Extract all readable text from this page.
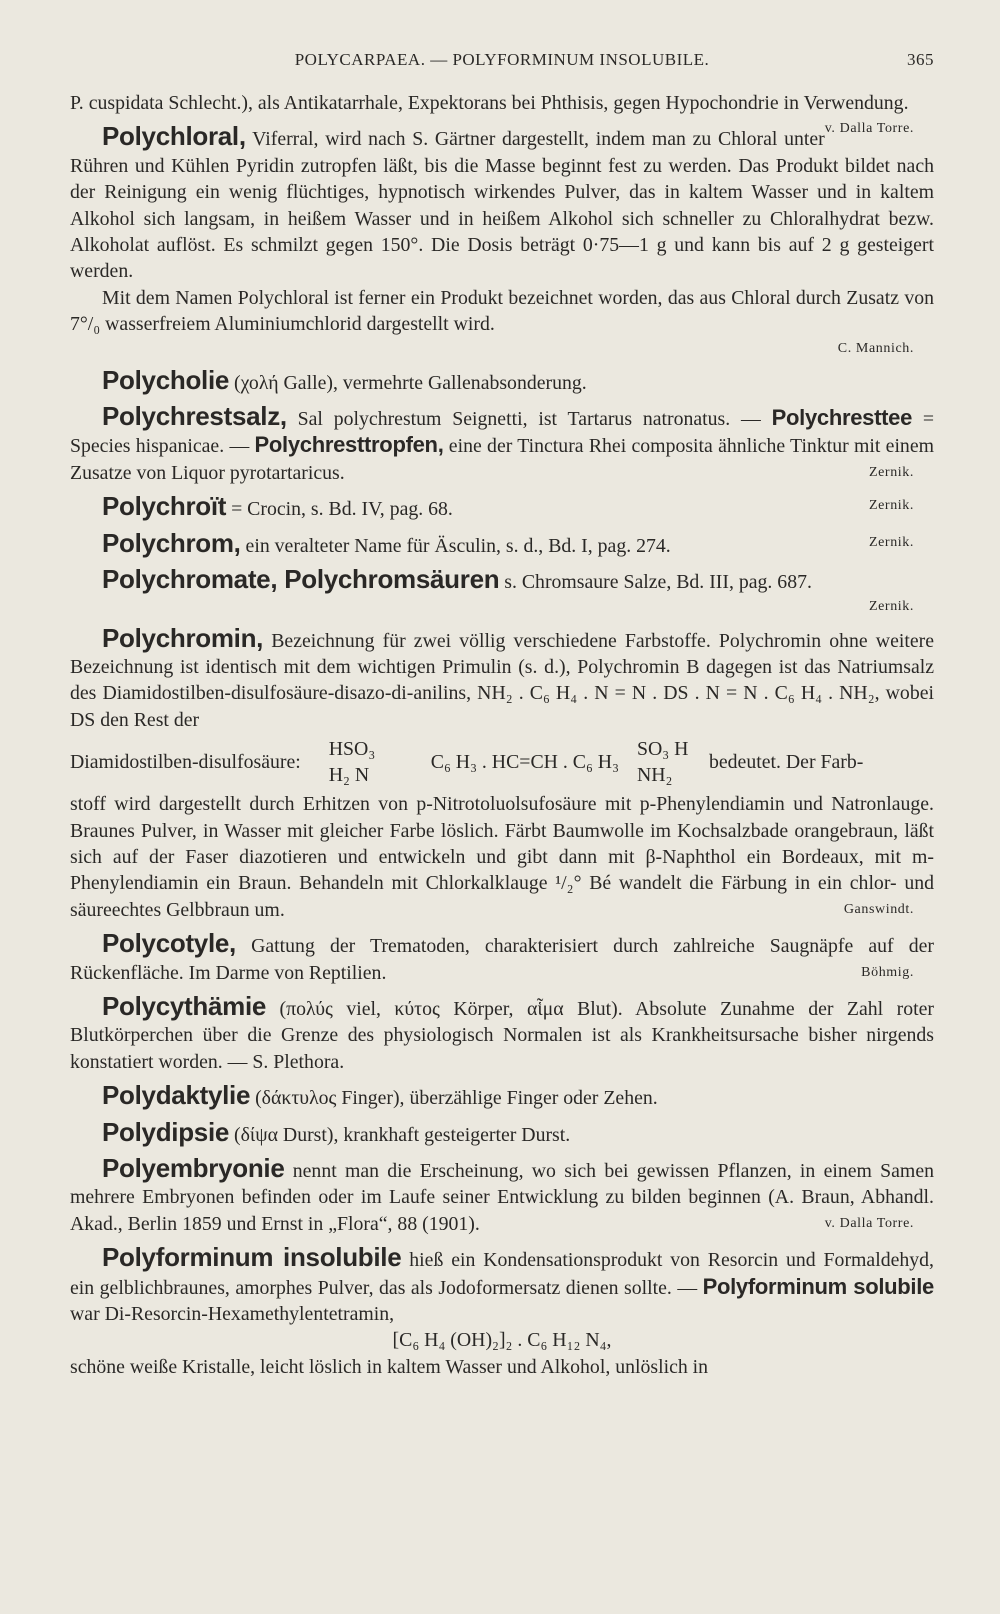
POLYCARPAEA. — POLYFORMINUM INSOLUBILE.	365

P. cuspidata Schlecht.), als Antikatarrhale, Expektorans bei Phthisis, gegen Hypochondrie in Verwendung.
v. Dalla Torre.

Polychloral, Viferral, wird nach S. Gärtner dargestellt, indem man zu Chloral unter Rühren und Kühlen Pyridin zutropfen läßt, bis die Masse beginnt fest zu werden. Das Produkt bildet nach der Reinigung ein wenig flüchtiges, hypnotisch wirkendes Pulver, das in kaltem Wasser und in kaltem Alkohol sich langsam, in heißem Wasser und in heißem Alkohol sich schneller zu Chloralhydrat bezw. Alkoholat auflöst. Es schmilzt gegen 150°. Die Dosis beträgt 0·75—1 g und kann bis auf 2 g gesteigert werden.

Mit dem Namen Polychloral ist ferner ein Produkt bezeichnet worden, das aus Chloral durch Zusatz von 7°/₀ wasserfreiem Aluminiumchlorid dargestellt wird.

C. Mannich.

Polycholie (χολή Galle), vermehrte Gallenabsonderung.

Polychrestsalz, Sal polychrestum Seignetti, ist Tartarus natronatus. — Polychresttee = Species hispanicae. — Polychresttropfen, eine der Tinctura Rhei composita ähnliche Tinktur mit einem Zusatze von Liquor pyrotartaricus.	Zernik.

Polychroït = Crocin, s. Bd. IV, pag. 68.	Zernik.

Polychrom, ein veralteter Name für Äsculin, s. d., Bd. I, pag. 274.	Zernik.

Polychromate, Polychromsäuren s. Chromsaure Salze, Bd. III, pag. 687.

Zernik.

Polychromin, Bezeichnung für zwei völlig verschiedene Farbstoffe. Polychromin ohne weitere Bezeichnung ist identisch mit dem wichtigen Primulin (s. d.), Polychromin B dagegen ist das Natriumsalz des Diamidostilben-disulfosäure-disazo-di-anilins, NH₂ . C₆ H₄ . N = N . DS . N = N . C₆ H₄ . NH₂, wobei DS den Rest der

Diamidostilben-disulfosäure:
HSO₃
H₂ N
C₆ H₃ . HC=CH . C₆ H₃
SO₃ H
NH₂
bedeutet. Der Farb-

stoff wird dargestellt durch Erhitzen von p-Nitrotoluolsufosäure mit p-Phenylendiamin und Natronlauge. Braunes Pulver, in Wasser mit gleicher Farbe löslich. Färbt Baumwolle im Kochsalzbade orangebraun, läßt sich auf der Faser diazotieren und entwickeln und gibt dann mit β-Naphthol ein Bordeaux, mit m-Phenylendiamin ein Braun. Behandeln mit Chlorkalklauge ¹/₂° Bé wandelt die Färbung in ein chlor- und säureechtes Gelbbraun um.	Ganswindt.

Polycotyle, Gattung der Trematoden, charakterisiert durch zahlreiche Saugnäpfe auf der Rückenfläche. Im Darme von Reptilien.	Böhmig.

Polycythämie (πολύς viel, κύτος Körper, αἷμα Blut). Absolute Zunahme der Zahl roter Blutkörperchen über die Grenze des physiologisch Normalen ist als Krankheitsursache bisher nirgends konstatiert worden. — S. Plethora.

Polydaktylie (δάκτυλος Finger), überzählige Finger oder Zehen.

Polydipsie (δίψα Durst), krankhaft gesteigerter Durst.

Polyembryonie nennt man die Erscheinung, wo sich bei gewissen Pflanzen, in einem Samen mehrere Embryonen befinden oder im Laufe seiner Entwicklung zu bilden beginnen (A. Braun, Abhandl. Akad., Berlin 1859 und Ernst in „Flora“, 88 (1901).	v. Dalla Torre.

Polyforminum insolubile hieß ein Kondensationsprodukt von Resorcin und Formaldehyd, ein gelblichbraunes, amorphes Pulver, das als Jodoformersatz dienen sollte. — Polyforminum solubile war Di-Resorcin-Hexamethylentetramin,

[C₆ H₄ (OH)₂]₂ . C₆ H₁₂ N₄,

schöne weiße Kristalle, leicht löslich in kaltem Wasser und Alkohol, unlöslich in
